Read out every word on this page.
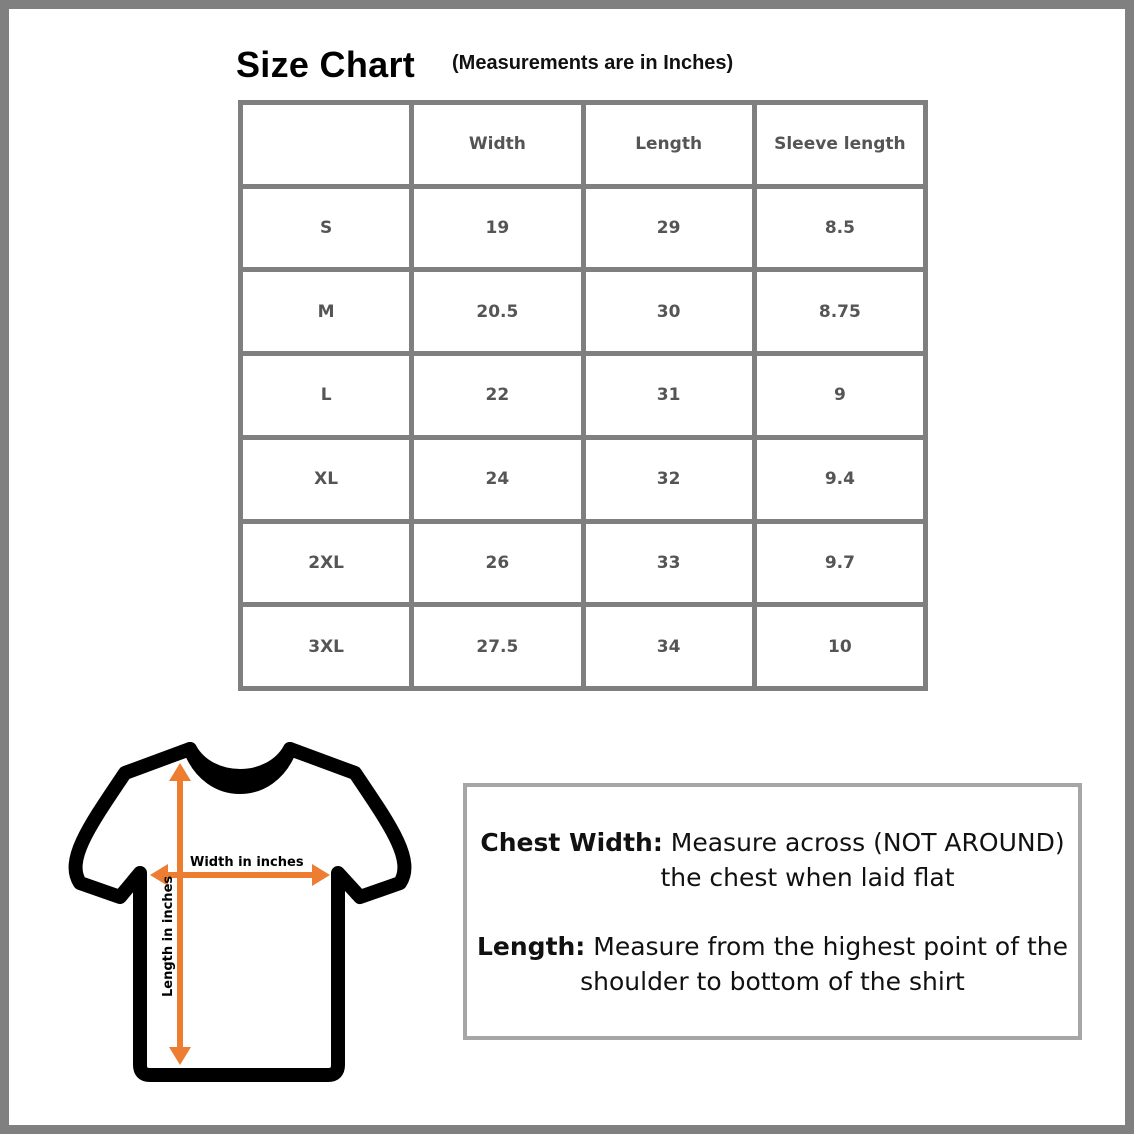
Size Chart (Measurements are in Inches)
	Width	Length	Sleeve length
S	19	29	8.5
M	20.5	30	8.75
L	22	31	9
XL	24	32	9.4
2XL	26	33	9.7
3XL	27.5	34	10
Width in inches
Length in inches

Chest Width: Measure across (NOT AROUND)

the chest when laid flat

Length: Measure from the highest point of the

shoulder to bottom of the shirt
